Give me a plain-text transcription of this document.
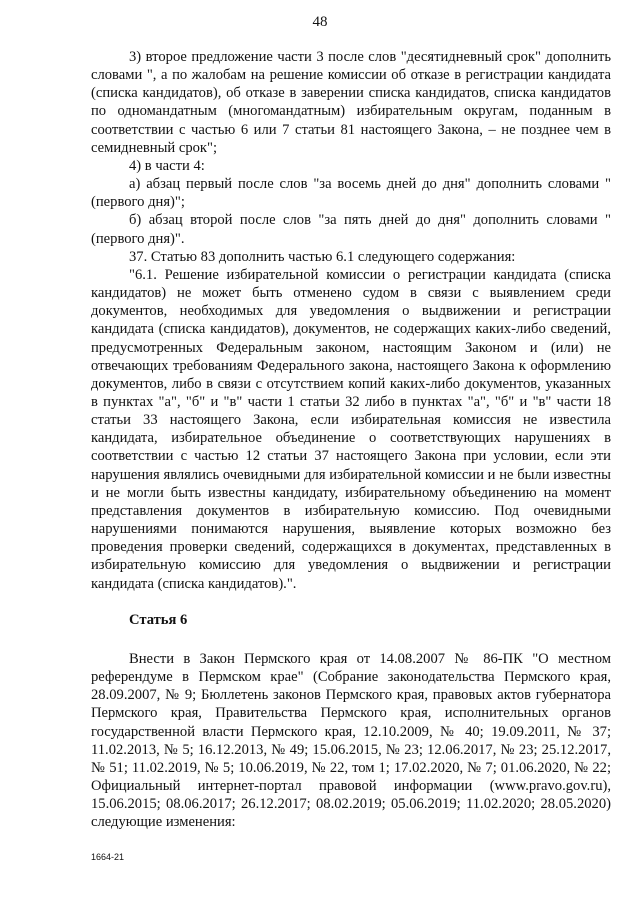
48

3) второе предложение части 3 после слов "десятидневный срок" дополнить словами ", а по жалобам на решение комиссии об отказе в регистрации кандидата (списка кандидатов), об отказе в заверении списка кандидатов, списка кандидатов по одномандатным (многомандатным) избирательным округам, поданным в соответствии с частью 6 или 7 статьи 81 настоящего Закона, – не позднее чем в семидневный срок";

4) в части 4:

а) абзац первый после слов "за восемь дней до дня" дополнить словами "(первого дня)";

б) абзац второй после слов "за пять дней до дня" дополнить словами "(первого дня)".

37. Статью 83 дополнить частью 6.1 следующего содержания:

"6.1. Решение избирательной комиссии о регистрации кандидата (списка кандидатов) не может быть отменено судом в связи с выявлением среди документов, необходимых для уведомления о выдвижении и регистрации кандидата (списка кандидатов), документов, не содержащих каких-либо сведений, предусмотренных Федеральным законом, настоящим Законом и (или) не отвечающих требованиям Федерального закона, настоящего Закона к оформлению документов, либо в связи с отсутствием копий каких-либо документов, указанных в пунктах "а", "б" и "в" части 1 статьи 32 либо в пунктах "а", "б" и "в" части 18 статьи 33 настоящего Закона, если избирательная комиссия не известила кандидата, избирательное объединение о соответствующих нарушениях в соответствии с частью 12 статьи 37 настоящего Закона при условии, если эти нарушения являлись очевидными для избирательной комиссии и не были известны и не могли быть известны кандидату, избирательному объединению на момент представления документов в избирательную комиссию. Под очевидными нарушениями понимаются нарушения, выявление которых возможно без проведения проверки сведений, содержащихся в документах, представленных в избирательную комиссию для уведомления о выдвижении и регистрации кандидата (списка кандидатов).".

Статья 6

Внести в Закон Пермского края от 14.08.2007 № 86-ПК "О местном референдуме в Пермском крае" (Собрание законодательства Пермского края, 28.09.2007, № 9; Бюллетень законов Пермского края, правовых актов губернатора Пермского края, Правительства Пермского края, исполнительных органов государственной власти Пермского края, 12.10.2009, № 40; 19.09.2011, № 37; 11.02.2013, № 5; 16.12.2013, № 49; 15.06.2015, № 23; 12.06.2017, № 23; 25.12.2017, № 51; 11.02.2019, № 5; 10.06.2019, № 22, том 1; 17.02.2020, № 7; 01.06.2020, № 22; Официальный интернет-портал правовой информации (www.pravo.gov.ru), 15.06.2015; 08.06.2017; 26.12.2017; 08.02.2019; 05.06.2019; 11.02.2020; 28.05.2020) следующие изменения:

1664-21
